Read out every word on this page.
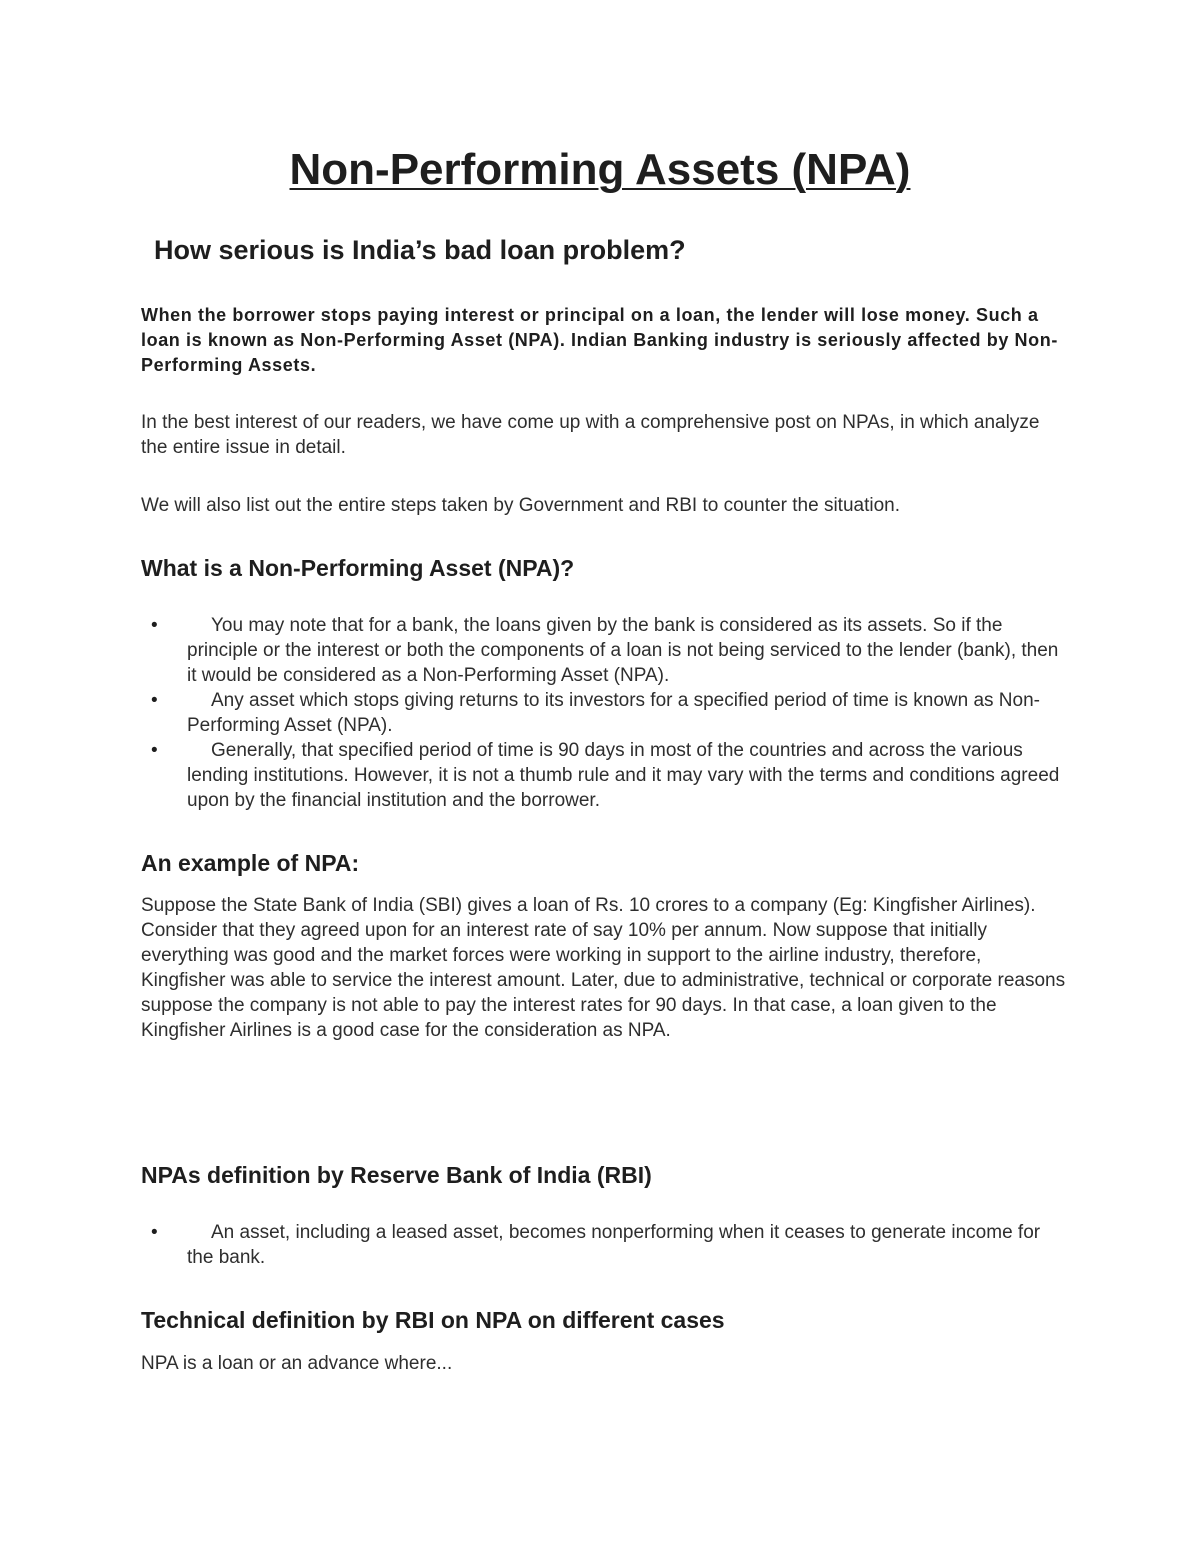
Non-Performing Assets (NPA)
How serious is India’s bad loan problem?

When the borrower stops paying interest or principal on a loan, the lender will lose money. Such a loan is known as Non-Performing Asset (NPA). Indian Banking industry is seriously affected by Non-Performing Assets.

In the best interest of our readers, we have come up with a comprehensive post on NPAs, in which analyze the entire issue in detail.

We will also list out the entire steps taken by Government and RBI to counter the situation.

What is a Non-Performing Asset (NPA)?
•	You may note that for a bank, the loans given by the bank is considered as its assets. So if the principle or the interest or both the components of a loan is not being serviced to the lender (bank), then it would be considered as a Non-Performing Asset (NPA).
•	Any asset which stops giving returns to its investors for a specified period of time is known as Non-Performing Asset (NPA).
•	Generally, that specified period of time is 90 days in most of the countries and across the various lending institutions. However, it is not a thumb rule and it may vary with the terms and conditions agreed upon by the financial institution and the borrower.
An example of NPA:

Suppose the State Bank of India (SBI) gives a loan of Rs. 10 crores to a company (Eg: Kingfisher Airlines). Consider that they agreed upon for an interest rate of say 10% per annum. Now suppose that initially everything was good and the market forces were working in support to the airline industry, therefore, Kingfisher was able to service the interest amount. Later, due to administrative, technical or corporate reasons suppose the company is not able to pay the interest rates for 90 days. In that case, a loan given to the Kingfisher Airlines is a good case for the consideration as NPA.

NPAs definition by Reserve Bank of India (RBI)
•	An asset, including a leased asset, becomes nonperforming when it ceases to generate income for the bank.
Technical definition by RBI on NPA on different cases

NPA is a loan or an advance where...
